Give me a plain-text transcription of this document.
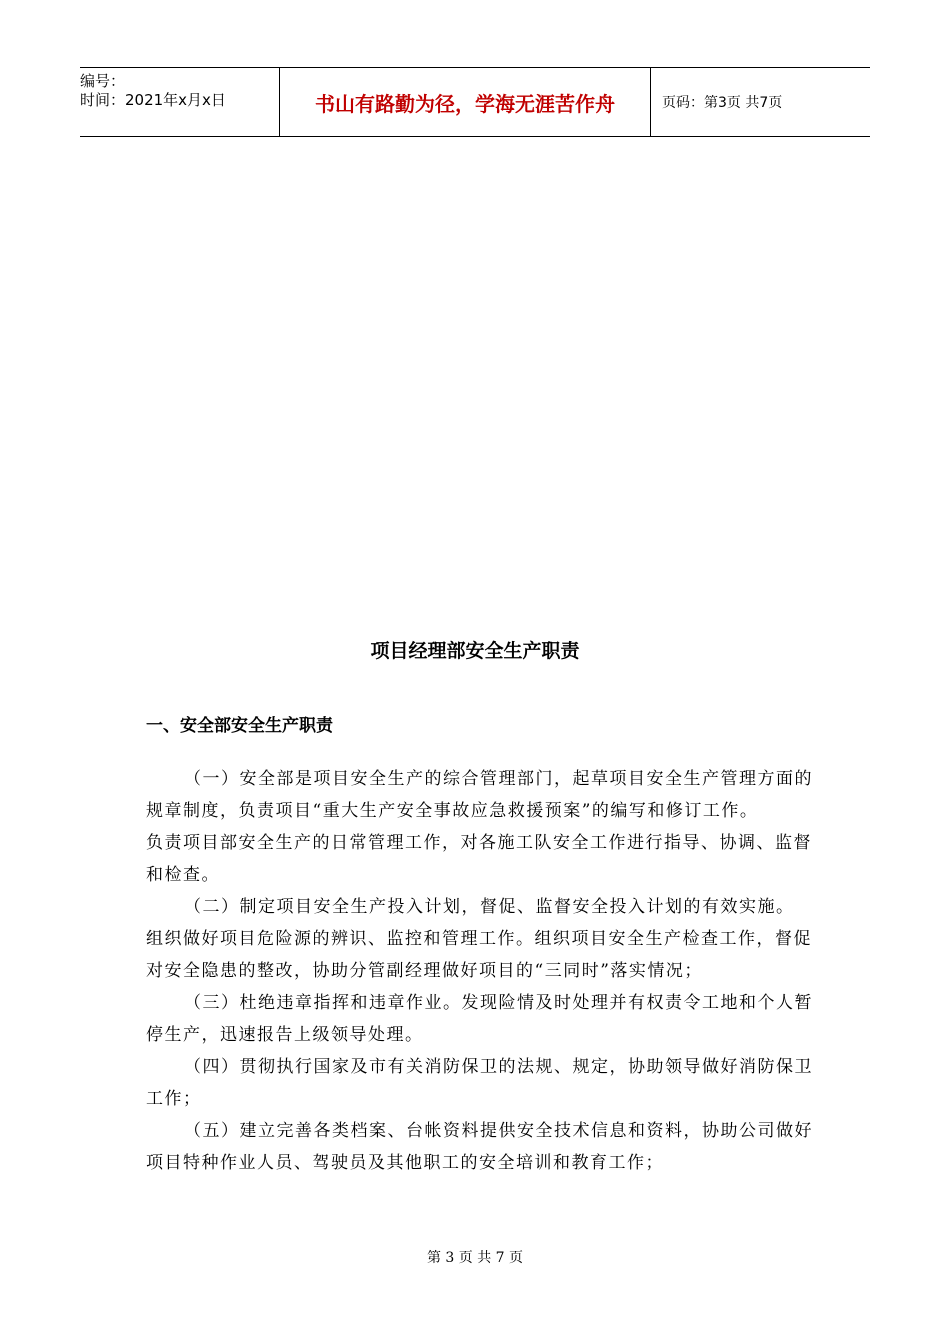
编号：
时间：2021年x月x日	书山有路勤为径，学海无涯苦作舟	页码：第3页 共7页
项目经理部安全生产职责
一、安全部安全生产职责

（一）安全部是项目安全生产的综合管理部门，起草项目安全生产管理方面的规章制度，负责项目“重大生产安全事故应急救援预案”的编写和修订工作。

负责项目部安全生产的日常管理工作，对各施工队安全工作进行指导、协调、监督和检查。

（二）制定项目安全生产投入计划，督促、监督安全投入计划的有效实施。

组织做好项目危险源的辨识、监控和管理工作。组织项目安全生产检查工作，督促对安全隐患的整改，协助分管副经理做好项目的“三同时”落实情况；

（三）杜绝违章指挥和违章作业。发现险情及时处理并有权责令工地和个人暂停生产，迅速报告上级领导处理。

（四）贯彻执行国家及市有关消防保卫的法规、规定，协助领导做好消防保卫工作；

（五）建立完善各类档案、台帐资料提供安全技术信息和资料，协助公司做好项目特种作业人员、驾驶员及其他职工的安全培训和教育工作；

第 3 页 共 7 页
